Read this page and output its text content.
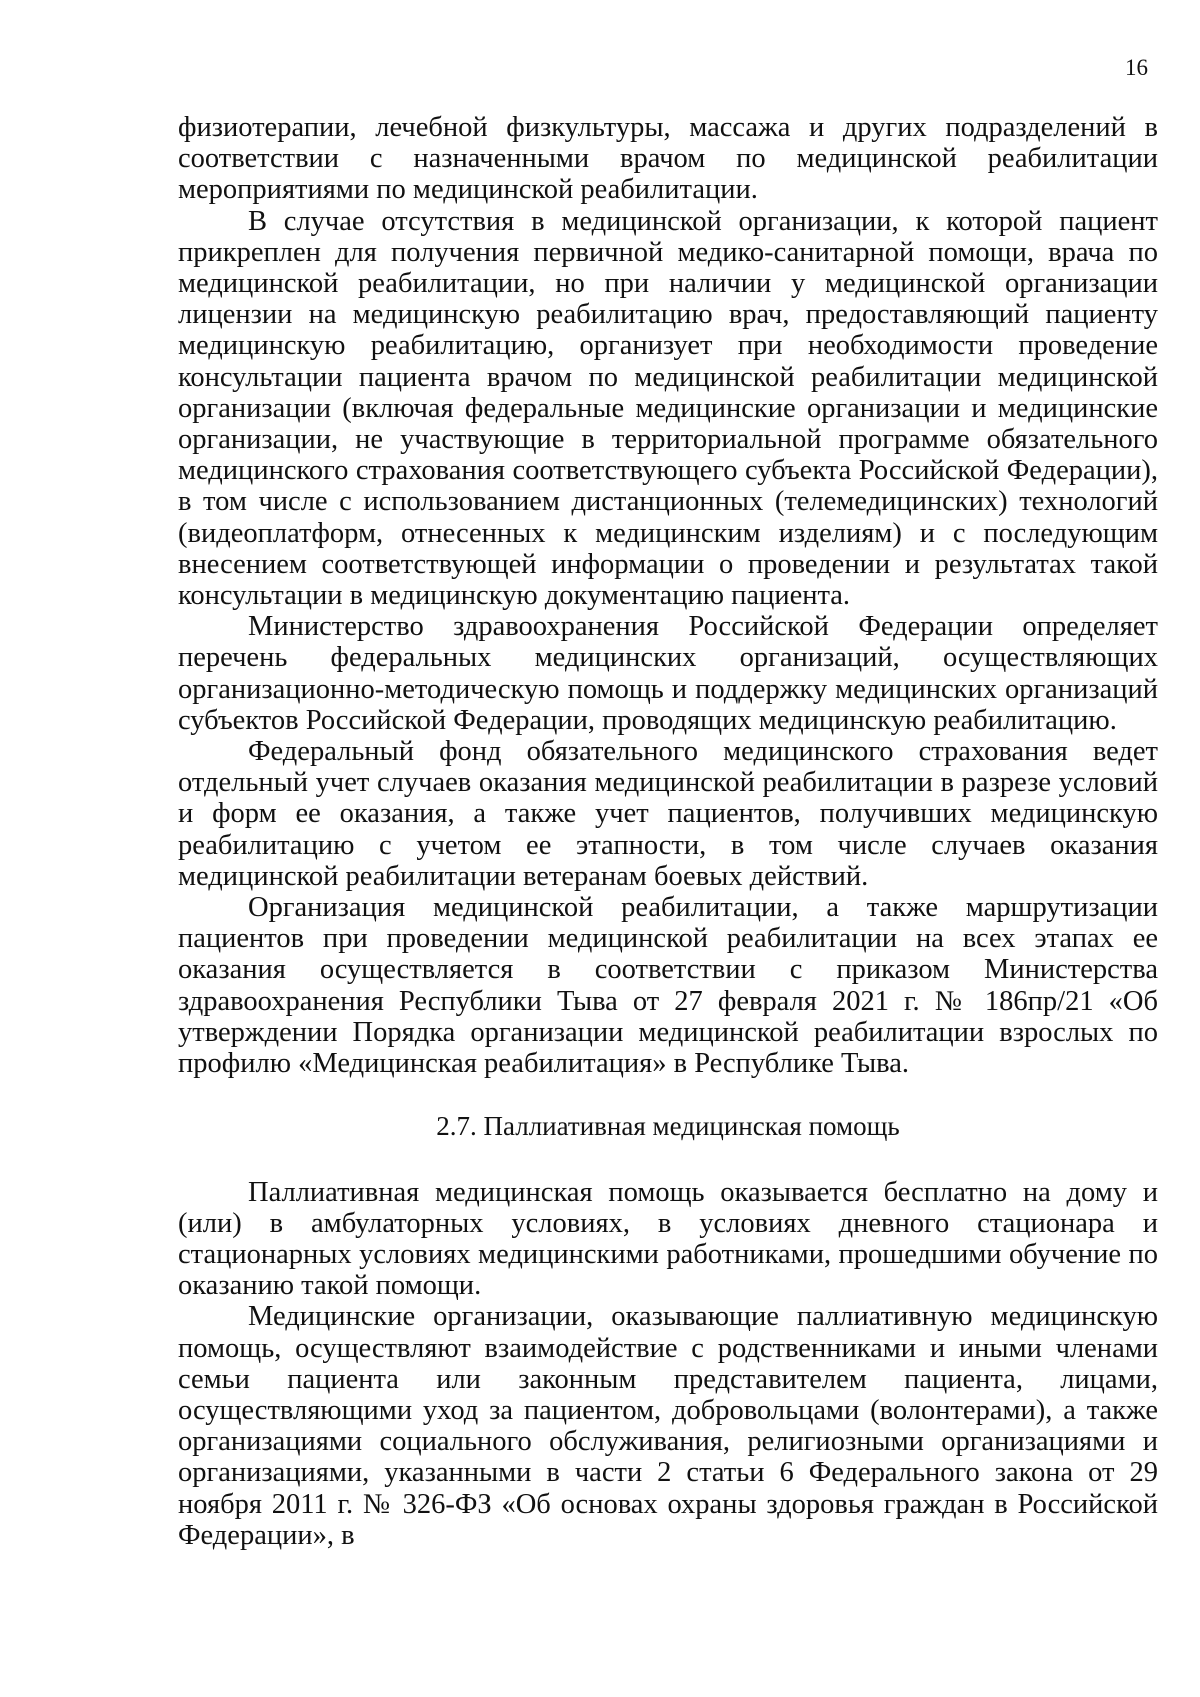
16

физиотерапии, лечебной физкультуры, массажа и других подразделений в соответствии с назначенными врачом по медицинской реабилитации мероприятиями по медицинской реабилитации.

В случае отсутствия в медицинской организации, к которой пациент прикреплен для получения первичной медико-санитарной помощи, врача по медицинской реабилитации, но при наличии у медицинской организации лицензии на медицинскую реабилитацию врач, предоставляющий пациенту медицинскую реабилитацию, организует при необходимости проведение консультации пациента врачом по медицинской реабилитации медицинской организации (включая федеральные медицинские организации и медицинские организации, не участвующие в территориальной программе обязательного медицинского страхования соответствующего субъекта Российской Федерации), в том числе с использованием дистанционных (телемедицинских) технологий (видеоплатформ, отнесенных к медицинским изделиям) и с последующим внесением соответствующей информации о проведении и результатах такой консультации в медицинскую документацию пациента.

Министерство здравоохранения Российской Федерации определяет перечень федеральных медицинских организаций, осуществляющих организационно-методическую помощь и поддержку медицинских организаций субъектов Российской Федерации, проводящих медицинскую реабилитацию.

Федеральный фонд обязательного медицинского страхования ведет отдельный учет случаев оказания медицинской реабилитации в разрезе условий и форм ее оказания, а также учет пациентов, получивших медицинскую реабилитацию с учетом ее этапности, в том числе случаев оказания медицинской реабилитации ветеранам боевых действий.

Организация медицинской реабилитации, а также маршрутизации пациентов при проведении медицинской реабилитации на всех этапах ее оказания осуществляется в соответствии с приказом Министерства здравоохранения Республики Тыва от 27 февраля 2021 г. № 186пр/21 «Об утверждении Порядка организации медицинской реабилитации взрослых по профилю «Медицинская реабилитация» в Республике Тыва.

2.7. Паллиативная медицинская помощь

Паллиативная медицинская помощь оказывается бесплатно на дому и (или) в амбулаторных условиях, в условиях дневного стационара и стационарных условиях медицинскими работниками, прошедшими обучение по оказанию такой помощи.

Медицинские организации, оказывающие паллиативную медицинскую помощь, осуществляют взаимодействие с родственниками и иными членами семьи пациента или законным представителем пациента, лицами, осуществляющими уход за пациентом, добровольцами (волонтерами), а также организациями социального обслуживания, религиозными организациями и организациями, указанными в части 2 статьи 6 Федерального закона от 29 ноября 2011 г. № 326-ФЗ «Об основах охраны здоровья граждан в Российской Федерации», в
